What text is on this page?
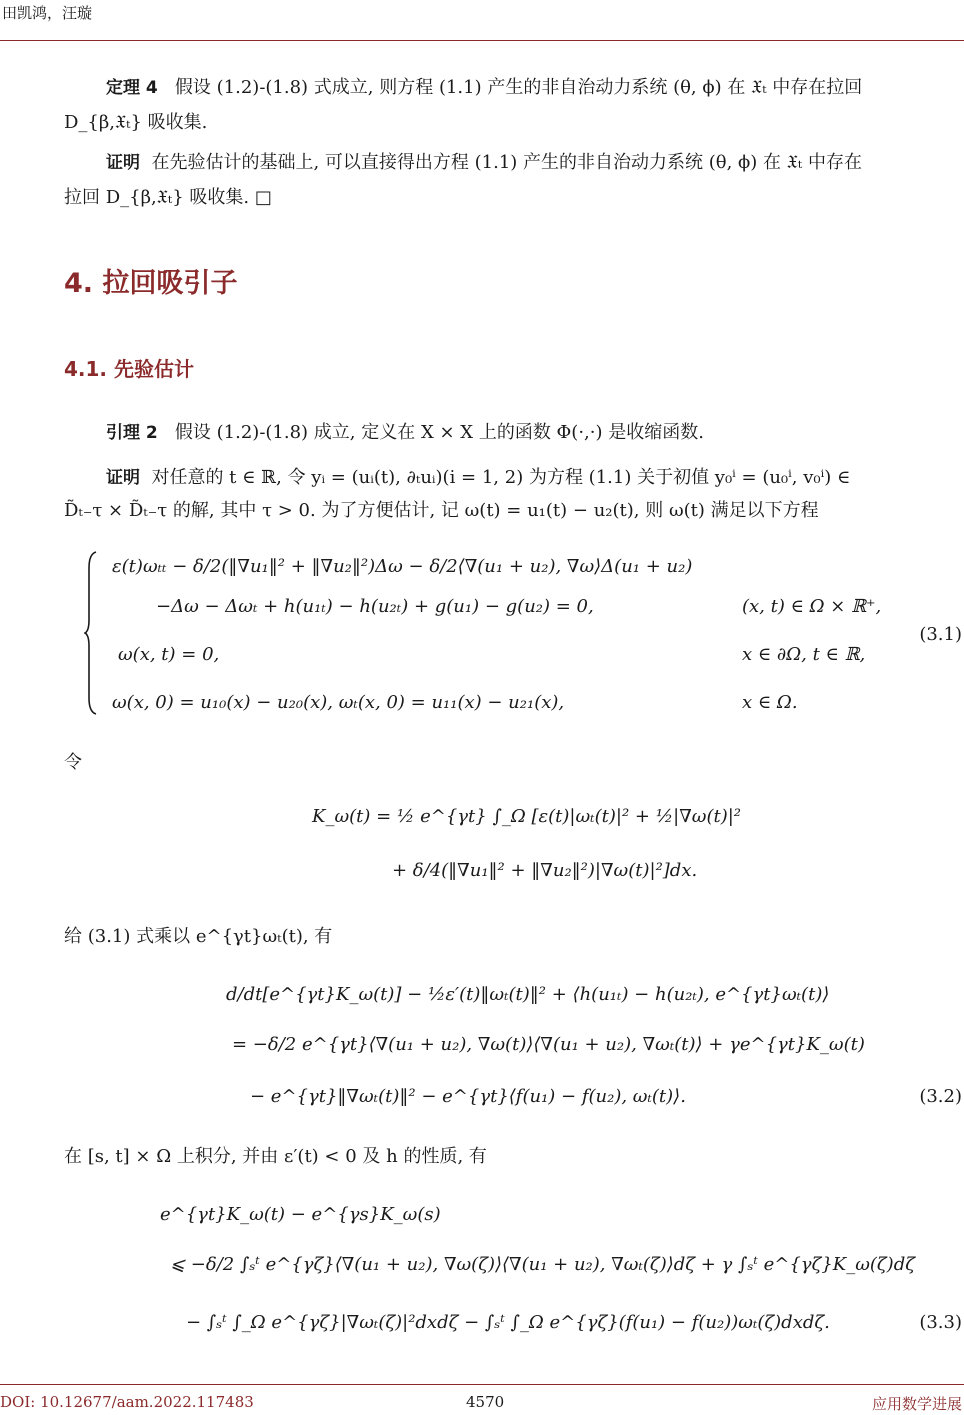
田凯鸿，汪璇
定理 4 假设 (1.2)-(1.8) 式成立, 则方程 (1.1) 产生的非自治动力系统 (θ, ϕ) 在 𝔛ₜ 中存在拉回
D_{β,𝔛ₜ} 吸收集.
证明 在先验估计的基础上, 可以直接得出方程 (1.1) 产生的非自治动力系统 (θ, ϕ) 在 𝔛ₜ 中存在
拉回 D_{β,𝔛ₜ} 吸收集. □
4. 拉回吸引子
4.1. 先验估计
引理 2 假设 (1.2)-(1.8) 成立, 定义在 X × X 上的函数 Φ(·,·) 是收缩函数.
证明 对任意的 t ∈ ℝ, 令 yᵢ = (uᵢ(t), ∂ₜuᵢ)(i = 1, 2) 为方程 (1.1) 关于初值 y₀ⁱ = (u₀ⁱ, v₀ⁱ) ∈
D̃ₜ₋τ × D̃ₜ₋τ 的解, 其中 τ > 0. 为了方便估计, 记 ω(t) = u₁(t) − u₂(t), 则 ω(t) 满足以下方程
ε(t)ωₜₜ − δ/2(‖∇u₁‖² + ‖∇u₂‖²)Δω − δ/2⟨∇(u₁ + u₂), ∇ω⟩Δ(u₁ + u₂)
−Δω − Δωₜ + h(u₁ₜ) − h(u₂ₜ) + g(u₁) − g(u₂) = 0,	(x, t) ∈ Ω × ℝ⁺,
ω(x, t) = 0,	x ∈ ∂Ω, t ∈ ℝ,
ω(x, 0) = u₁₀(x) − u₂₀(x), ωₜ(x, 0) = u₁₁(x) − u₂₁(x),	x ∈ Ω.
(3.1)
令
K_ω(t) = ½ e^{γt} ∫_Ω [ε(t)|ωₜ(t)|² + ½|∇ω(t)|²
+ δ/4(‖∇u₁‖² + ‖∇u₂‖²)|∇ω(t)|²]dx.
给 (3.1) 式乘以 e^{γt}ωₜ(t), 有
d/dt[e^{γt}K_ω(t)] − ½ε′(t)‖ωₜ(t)‖² + ⟨h(u₁ₜ) − h(u₂ₜ), e^{γt}ωₜ(t)⟩
= −δ/2 e^{γt}⟨∇(u₁ + u₂), ∇ω(t)⟩⟨∇(u₁ + u₂), ∇ωₜ(t)⟩ + γe^{γt}K_ω(t)
− e^{γt}‖∇ωₜ(t)‖² − e^{γt}⟨f(u₁) − f(u₂), ωₜ(t)⟩.	(3.2)
在 [s, t] × Ω 上积分, 并由 ε′(t) < 0 及 h 的性质, 有
e^{γt}K_ω(t) − e^{γs}K_ω(s)
⩽ −δ/2 ∫ₛᵗ e^{γζ}⟨∇(u₁ + u₂), ∇ω(ζ)⟩⟨∇(u₁ + u₂), ∇ωₜ(ζ)⟩dζ + γ ∫ₛᵗ e^{γζ}K_ω(ζ)dζ
− ∫ₛᵗ ∫_Ω e^{γζ}|∇ωₜ(ζ)|²dxdζ − ∫ₛᵗ ∫_Ω e^{γζ}(f(u₁) − f(u₂))ωₜ(ζ)dxdζ.	(3.3)
DOI: 10.12677/aam.2022.117483	4570	应用数学进展
